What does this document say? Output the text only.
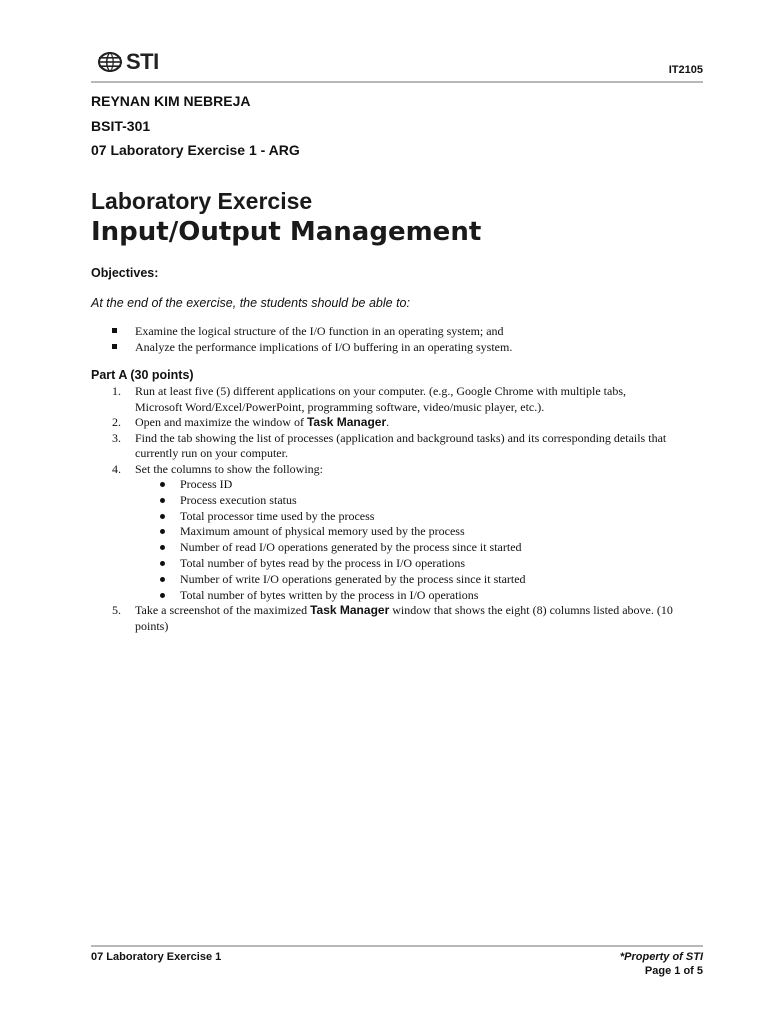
STI	IT2105
REYNAN KIM NEBREJA
BSIT-301
07 Laboratory Exercise 1 - ARG
Laboratory Exercise
Input/Output Management
Objectives:
At the end of the exercise, the students should be able to:
Examine the logical structure of the I/O function in an operating system; and
Analyze the performance implications of I/O buffering in an operating system.
Part A (30 points)
1. Run at least five (5) different applications on your computer. (e.g., Google Chrome with multiple tabs,
Microsoft Word/Excel/PowerPoint, programming software, video/music player, etc.).
2. Open and maximize the window of Task Manager.
3. Find the tab showing the list of processes (application and background tasks) and its corresponding details that
currently run on your computer.
4. Set the columns to show the following:
Process ID
Process execution status
Total processor time used by the process
Maximum amount of physical memory used by the process
Number of read I/O operations generated by the process since it started
Total number of bytes read by the process in I/O operations
Number of write I/O operations generated by the process since it started
Total number of bytes written by the process in I/O operations
5. Take a screenshot of the maximized Task Manager window that shows the eight (8) columns listed above. (10
points)
07 Laboratory Exercise 1	*Property of STI
Page 1 of 5
